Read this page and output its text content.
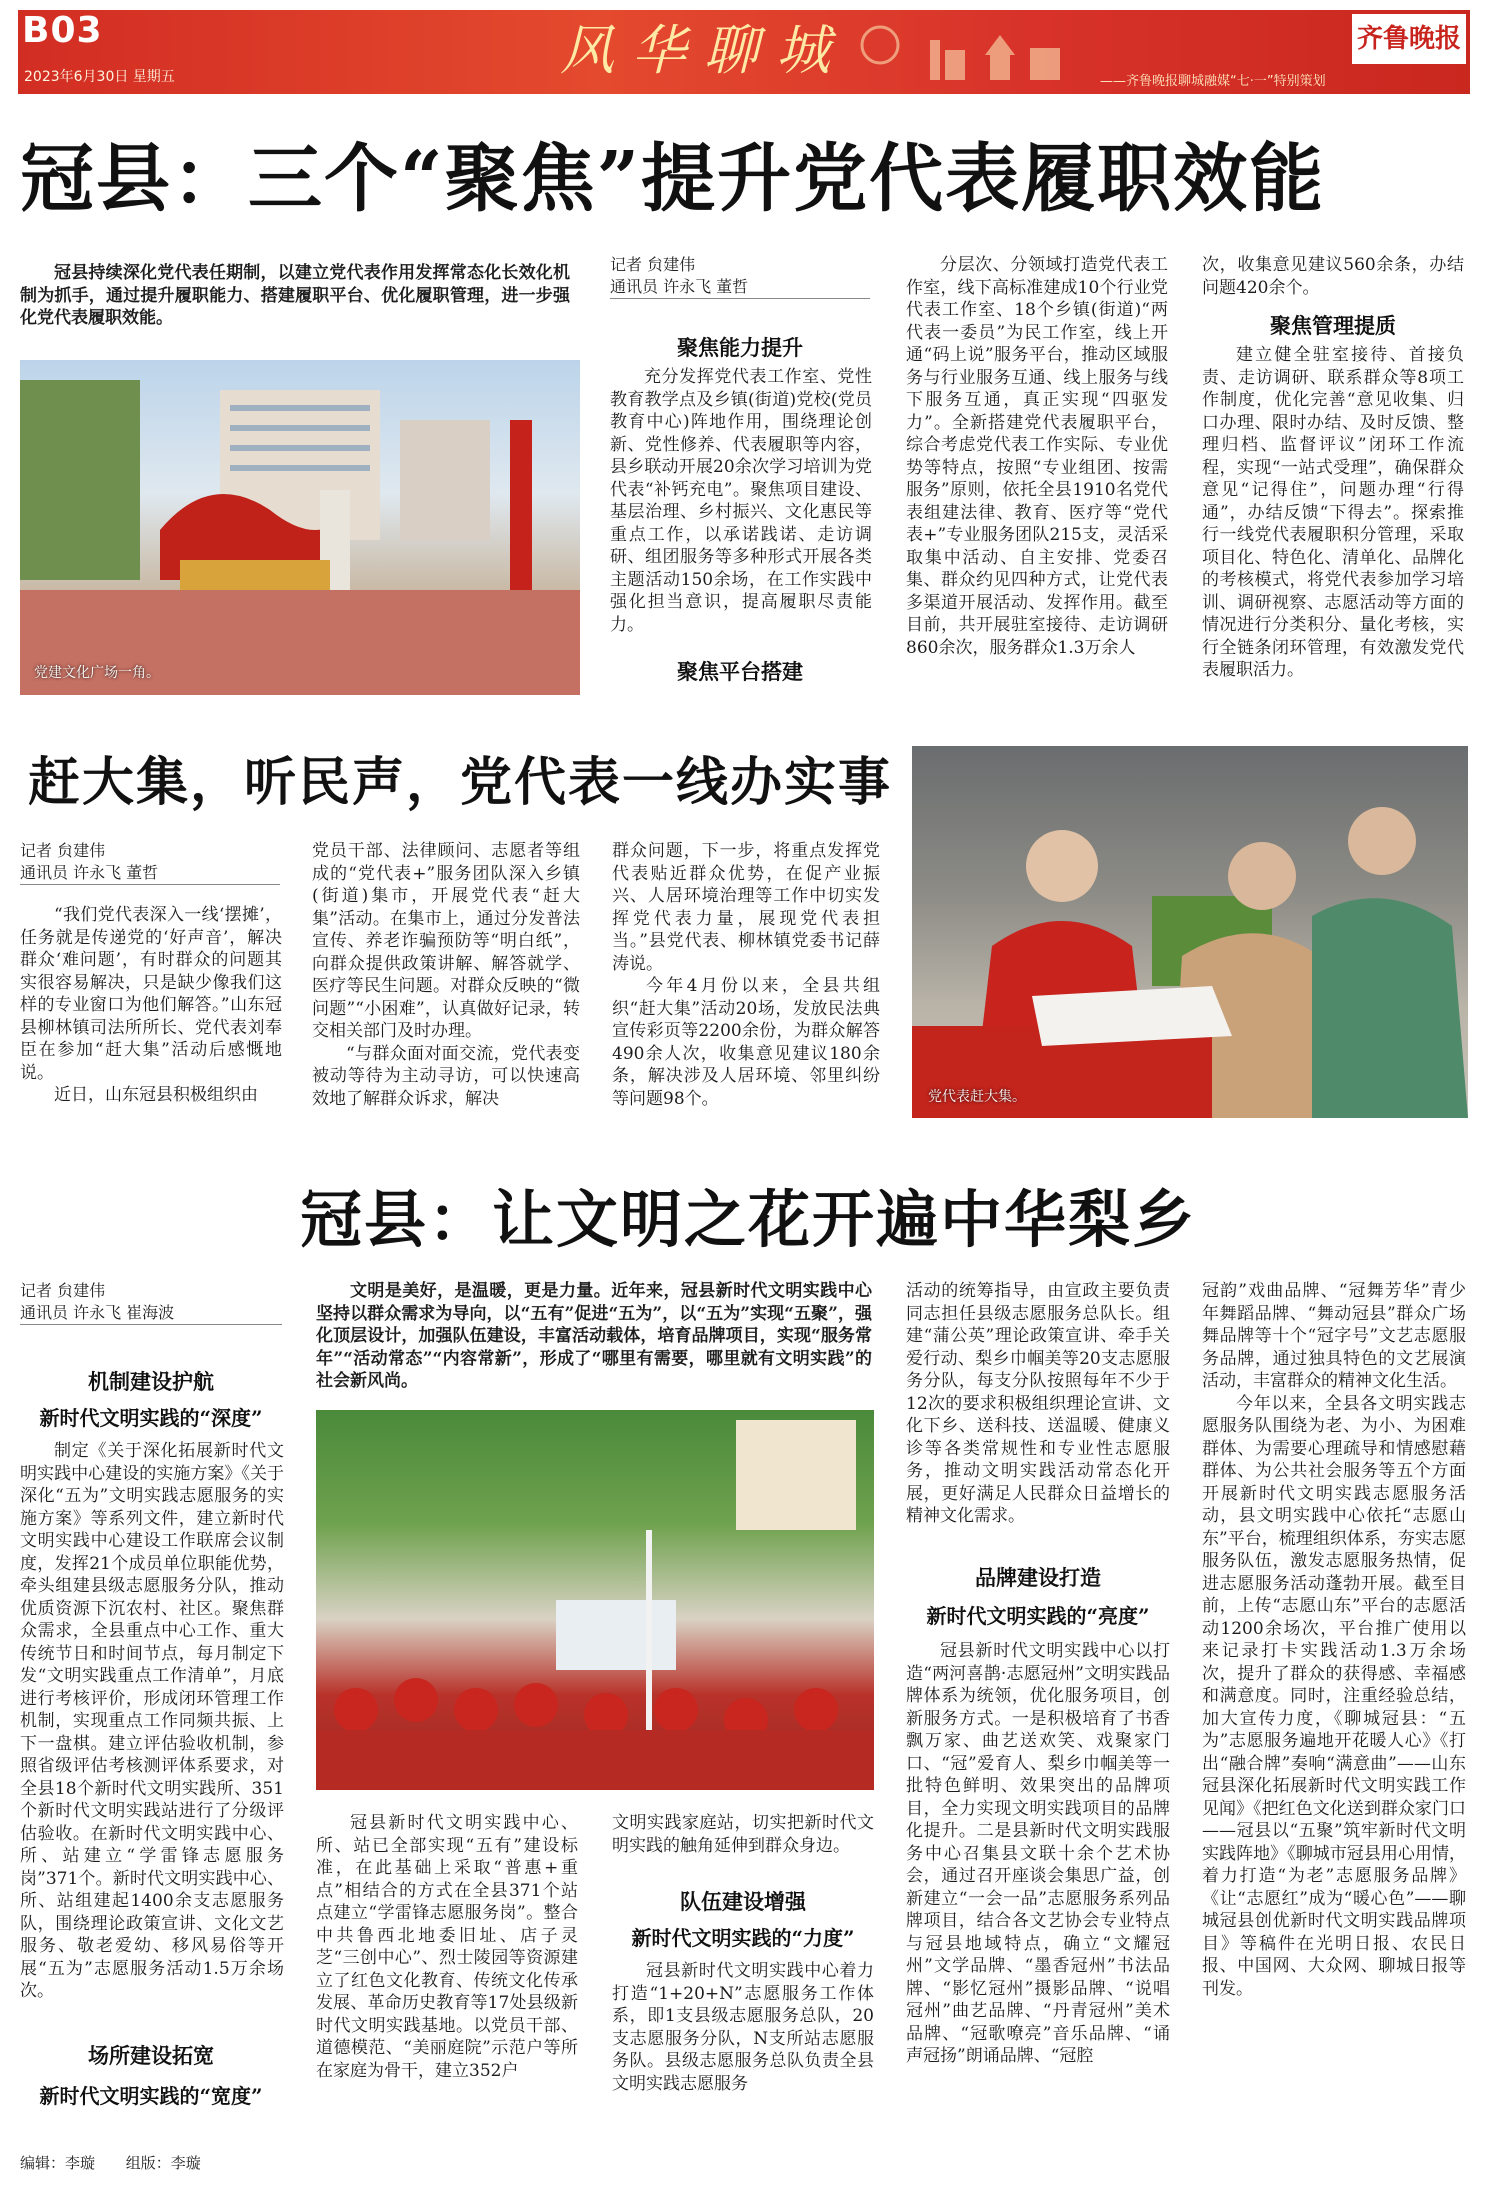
B03
2023年6月30日 星期五	风华聊城	齐鲁晚报
——齐鲁晚报聊城融媒“七·一”特别策划
冠县：三个“聚焦”提升党代表履职效能

冠县持续深化党代表任期制，以建立党代表作用发挥常态化长效化机制为抓手，通过提升履职能力、搭建履职平台、优化履职管理，进一步强化党代表履职效能。

党建文化广场一角。
记者 贠建伟
通讯员 许永飞 董哲
聚焦能力提升

充分发挥党代表工作室、党性教育教学点及乡镇(街道)党校(党员教育中心)阵地作用，围绕理论创新、党性修养、代表履职等内容，县乡联动开展20余次学习培训为党代表“补钙充电”。聚焦项目建设、基层治理、乡村振兴、文化惠民等重点工作，以承诺践诺、走访调研、组团服务等多种形式开展各类主题活动150余场，在工作实践中强化担当意识，提高履职尽责能力。

聚焦平台搭建

分层次、分领域打造党代表工作室，线下高标准建成10个行业党代表工作室、18个乡镇(街道)“两代表一委员”为民工作室，线上开通“码上说”服务平台，推动区域服务与行业服务互通、线上服务与线下服务互通，真正实现“四驱发力”。全新搭建党代表履职平台，综合考虑党代表工作实际、专业优势等特点，按照“专业组团、按需服务”原则，依托全县1910名党代表组建法律、教育、医疗等“党代表+”专业服务团队215支，灵活采取集中活动、自主安排、党委召集、群众约见四种方式，让党代表多渠道开展活动、发挥作用。截至目前，共开展驻室接待、走访调研860余次，服务群众1.3万余人

次，收集意见建议560余条，办结问题420余个。

聚焦管理提质

建立健全驻室接待、首接负责、走访调研、联系群众等8项工作制度，优化完善“意见收集、归口办理、限时办结、及时反馈、整理归档、监督评议”闭环工作流程，实现“一站式受理”，确保群众意见“记得住”，问题办理“行得通”，办结反馈“下得去”。探索推行一线党代表履职积分管理，采取项目化、特色化、清单化、品牌化的考核模式，将党代表参加学习培训、调研视察、志愿活动等方面的情况进行分类积分、量化考核，实行全链条闭环管理，有效激发党代表履职活力。

赶大集，听民声，党代表一线办实事
记者 贠建伟
通讯员 许永飞 董哲

“我们党代表深入一线‘摆摊’，任务就是传递党的‘好声音’，解决群众‘难问题’，有时群众的问题其实很容易解决，只是缺少像我们这样的专业窗口为他们解答。”山东冠县柳林镇司法所所长、党代表刘奉臣在参加“赶大集”活动后感慨地说。

近日，山东冠县积极组织由

党员干部、法律顾问、志愿者等组成的“党代表+”服务团队深入乡镇(街道)集市，开展党代表“赶大集”活动。在集市上，通过分发普法宣传、养老诈骗预防等“明白纸”，向群众提供政策讲解、解答就学、医疗等民生问题。对群众反映的“微问题”“小困难”，认真做好记录，转交相关部门及时办理。

“与群众面对面交流，党代表变被动等待为主动寻访，可以快速高效地了解群众诉求，解决

群众问题，下一步，将重点发挥党代表贴近群众优势，在促产业振兴、人居环境治理等工作中切实发挥党代表力量，展现党代表担当。”县党代表、柳林镇党委书记薛涛说。

今年4月份以来，全县共组织“赶大集”活动20场，发放民法典宣传彩页等2200余份，为群众解答490余人次，收集意见建议180余条，解决涉及人居环境、邻里纠纷等问题98个。	党代表赶大集。
冠县：让文明之花开遍中华梨乡
记者 贠建伟
通讯员 许永飞 崔海波
机制建设护航
新时代文明实践的“深度”

制定《关于深化拓展新时代文明实践中心建设的实施方案》《关于深化“五为”文明实践志愿服务的实施方案》等系列文件，建立新时代文明实践中心建设工作联席会议制度，发挥21个成员单位职能优势，牵头组建县级志愿服务分队，推动优质资源下沉农村、社区。聚焦群众需求，全县重点中心工作、重大传统节日和时间节点，每月制定下发“文明实践重点工作清单”，月底进行考核评价，形成闭环管理工作机制，实现重点工作同频共振、上下一盘棋。建立评估验收机制，参照省级评估考核测评体系要求，对全县18个新时代文明实践所、351个新时代文明实践站进行了分级评估验收。在新时代文明实践中心、所、站建立“学雷锋志愿服务岗”371个。新时代文明实践中心、所、站组建起1400余支志愿服务队，围绕理论政策宣讲、文化文艺服务、敬老爱幼、移风易俗等开展“五为”志愿服务活动1.5万余场次。

场所建设拓宽
新时代文明实践的“宽度”

文明是美好，是温暖，更是力量。近年来，冠县新时代文明实践中心坚持以群众需求为导向，以“五有”促进“五为”，以“五为”实现“五聚”，强化顶层设计，加强队伍建设，丰富活动载体，培育品牌项目，实现“服务常年”“活动常态”“内容常新”，形成了“哪里有需要，哪里就有文明实践”的社会新风尚。

冠县新时代文明实践中心、所、站已全部实现“五有”建设标准，在此基础上采取“普惠+重点”相结合的方式在全县371个站点建立“学雷锋志愿服务岗”。整合中共鲁西北地委旧址、店子灵芝“三创中心”、烈士陵园等资源建立了红色文化教育、传统文化传承发展、革命历史教育等17处县级新时代文明实践基地。以党员干部、道德模范、“美丽庭院”示范户等所在家庭为骨干，建立352户

文明实践家庭站，切实把新时代文明实践的触角延伸到群众身边。

队伍建设增强
新时代文明实践的“力度”

冠县新时代文明实践中心着力打造“1+20+N”志愿服务工作体系，即1支县级志愿服务总队，20支志愿服务分队，N支所站志愿服务队。县级志愿服务总队负责全县文明实践志愿服务

活动的统筹指导，由宣政主要负责同志担任县级志愿服务总队长。组建“蒲公英”理论政策宣讲、牵手关爱行动、梨乡巾帼美等20支志愿服务分队，每支分队按照每年不少于12次的要求积极组织理论宣讲、文化下乡、送科技、送温暖、健康义诊等各类常规性和专业性志愿服务，推动文明实践活动常态化开展，更好满足人民群众日益增长的精神文化需求。

品牌建设打造
新时代文明实践的“亮度”

冠县新时代文明实践中心以打造“两河喜鹊·志愿冠州”文明实践品牌体系为统领，优化服务项目，创新服务方式。一是积极培育了书香飘万家、曲艺送欢笑、戏聚家门口、“冠”爱育人、梨乡巾帼美等一批特色鲜明、效果突出的品牌项目，全力实现文明实践项目的品牌化提升。二是县新时代文明实践服务中心召集县文联十余个艺术协会，通过召开座谈会集思广益，创新建立“一会一品”志愿服务系列品牌项目，结合各文艺协会专业特点与冠县地域特点，确立“文耀冠州”文学品牌、“墨香冠州”书法品牌、“影忆冠州”摄影品牌、“说唱冠州”曲艺品牌、“丹青冠州”美术品牌、“冠歌嘹亮”音乐品牌、“诵声冠扬”朗诵品牌、“冠腔

冠韵”戏曲品牌、“冠舞芳华”青少年舞蹈品牌、“舞动冠县”群众广场舞品牌等十个“冠字号”文艺志愿服务品牌，通过独具特色的文艺展演活动，丰富群众的精神文化生活。

今年以来，全县各文明实践志愿服务队围绕为老、为小、为困难群体、为需要心理疏导和情感慰藉群体、为公共社会服务等五个方面开展新时代文明实践志愿服务活动，县文明实践中心依托“志愿山东”平台，梳理组织体系，夯实志愿服务队伍，激发志愿服务热情，促进志愿服务活动蓬勃开展。截至目前，上传“志愿山东”平台的志愿活动1200余场次，平台推广使用以来记录打卡实践活动1.3万余场次，提升了群众的获得感、幸福感和满意度。同时，注重经验总结，加大宣传力度，《聊城冠县：“五为”志愿服务遍地开花暖人心》《打出“融合牌”奏响“满意曲”——山东冠县深化拓展新时代文明实践工作见闻》《把红色文化送到群众家门口——冠县以“五聚”筑牢新时代文明实践阵地》《聊城市冠县用心用情，着力打造“为老”志愿服务品牌》《让“志愿红”成为“暖心色”——聊城冠县创优新时代文明实践品牌项目》等稿件在光明日报、农民日报、中国网、大众网、聊城日报等刊发。

编辑：李璇 组版：李璇
